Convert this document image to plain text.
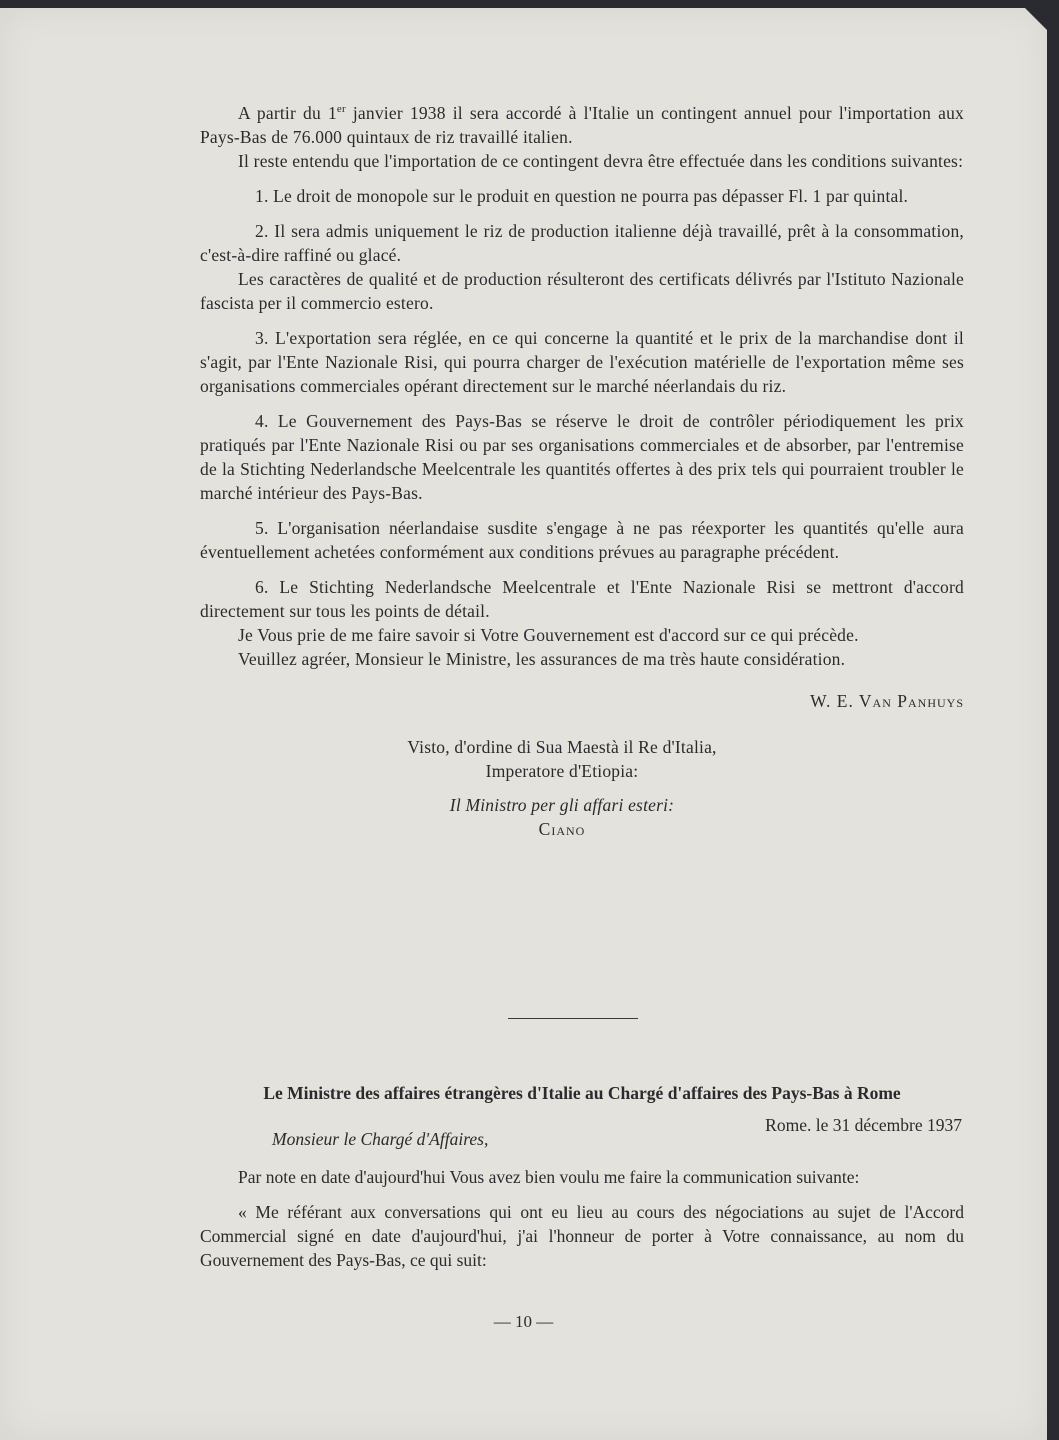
A partir du 1er janvier 1938 il sera accordé à l'Italie un contingent annuel pour l'importation aux Pays-Bas de 76.000 quintaux de riz travaillé italien.

Il reste entendu que l'importation de ce contingent devra être effectuée dans les conditions suivantes:

1. Le droit de monopole sur le produit en question ne pourra pas dépasser Fl. 1 par quintal.

2. Il sera admis uniquement le riz de production italienne déjà travaillé, prêt à la consommation, c'est-à-dire raffiné ou glacé.

Les caractères de qualité et de production résulteront des certificats délivrés par l'Istituto Nazionale fascista per il commercio estero.

3. L'exportation sera réglée, en ce qui concerne la quantité et le prix de la marchandise dont il s'agit, par l'Ente Nazionale Risi, qui pourra charger de l'exécution matérielle de l'exportation même ses organisations commerciales opérant directement sur le marché néerlandais du riz.

4. Le Gouvernement des Pays-Bas se réserve le droit de contrôler périodiquement les prix pratiqués par l'Ente Nazionale Risi ou par ses organisations commerciales et de absorber, par l'entremise de la Stichting Nederlandsche Meelcentrale les quantités offertes à des prix tels qui pourraient troubler le marché intérieur des Pays-Bas.

5. L'organisation néerlandaise susdite s'engage à ne pas réexporter les quantités qu'elle aura éventuellement achetées conformément aux conditions prévues au paragraphe précédent.

6. Le Stichting Nederlandsche Meelcentrale et l'Ente Nazionale Risi se mettront d'accord directement sur tous les points de détail.

Je Vous prie de me faire savoir si Votre Gouvernement est d'accord sur ce qui précède.

Veuillez agréer, Monsieur le Ministre, les assurances de ma très haute considération.

W. E. Van Panhuys

Visto, d'ordine di Sua Maestà il Re d'Italia,

Imperatore d'Etiopia:

Il Ministro per gli affari esteri:

Ciano

Le Ministre des affaires étrangères d'Italie au Chargé d'affaires des Pays-Bas à Rome

Monsieur le Chargé d'Affaires,
Rome. le 31 décembre 1937

Par note en date d'aujourd'hui Vous avez bien voulu me faire la communication suivante:

« Me référant aux conversations qui ont eu lieu au cours des négociations au sujet de l'Accord Commercial signé en date d'aujourd'hui, j'ai l'honneur de porter à Votre connaissance, au nom du Gouvernement des Pays-Bas, ce qui suit:

— 10 —
